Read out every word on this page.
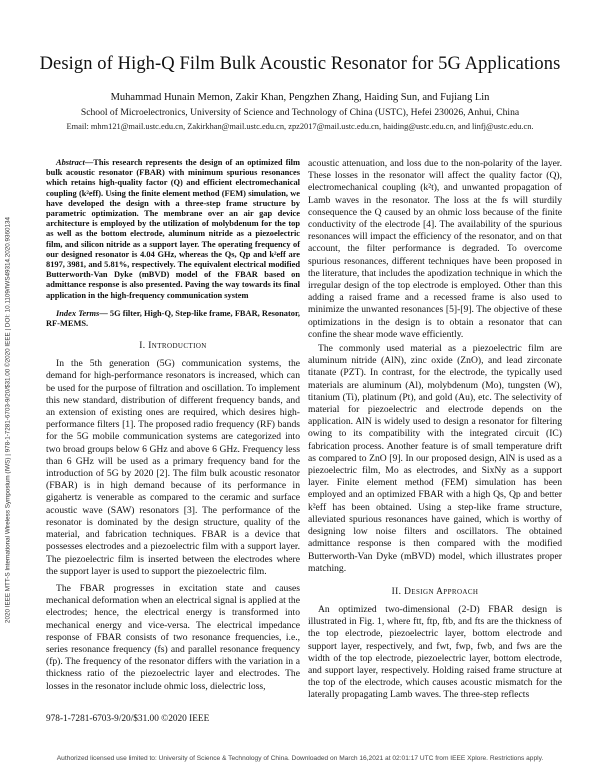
Design of High-Q Film Bulk Acoustic Resonator for 5G Applications
Muhammad Hunain Memon, Zakir Khan, Pengzhen Zhang, Haiding Sun, and Fujiang Lin
School of Microelectronics, University of Science and Technology of China (USTC), Hefei 230026, Anhui, China
Email: mhm121@mail.ustc.edu.cn, Zakirkhan@mail.ustc.edu.cn, zpz2017@mail.ustc.edu.cn, haiding@ustc.edu.cn, and linfj@ustc.edu.cn.
2020 IEEE MTT-S International Wireless Symposium (IWS) | 978-1-7281-6703-9/20/$31.00 ©2020 IEEE | DOI: 10.1109/IWS49314.2020.9360134

Abstract—This research represents the design of an optimized film bulk acoustic resonator (FBAR) with minimum spurious resonances which retains high-quality factor (Q) and efficient electromechanical coupling (k²eff). Using the finite element method (FEM) simulation, we have developed the design with a three-step frame structure by parametric optimization. The membrane over an air gap device architecture is employed by the utilization of molybdenum for the top as well as the bottom electrode, aluminum nitride as a piezoelectric film, and silicon nitride as a support layer. The operating frequency of our designed resonator is 4.04 GHz, whereas the Qs, Qp and k²eff are 8197, 3981, and 5.81%, respectively. The equivalent electrical modified Butterworth-Van Dyke (mBVD) model of the FBAR based on admittance response is also presented. Paving the way towards its final application in the high-frequency communication system

Index Terms— 5G filter, High-Q, Step-like frame, FBAR, Resonator, RF-MEMS.

I. Introduction

In the 5th generation (5G) communication systems, the demand for high-performance resonators is increased, which can be used for the purpose of filtration and oscillation. To implement this new standard, distribution of different frequency bands, and an extension of existing ones are required, which desires high-performance filters [1]. The proposed radio frequency (RF) bands for the 5G mobile communication systems are categorized into two broad groups below 6 GHz and above 6 GHz. Frequency less than 6 GHz will be used as a primary frequency band for the introduction of 5G by 2020 [2]. The film bulk acoustic resonator (FBAR) is in high demand because of its performance in gigahertz is venerable as compared to the ceramic and surface acoustic wave (SAW) resonators [3]. The performance of the resonator is dominated by the design structure, quality of the material, and fabrication techniques. FBAR is a device that possesses electrodes and a piezoelectric film with a support layer. The piezoelectric film is inserted between the electrodes where the support layer is used to support the piezoelectric film.

The FBAR progresses in excitation state and causes mechanical deformation when an electrical signal is applied at the electrodes; hence, the electrical energy is transformed into mechanical energy and vice-versa. The electrical impedance response of FBAR consists of two resonance frequencies, i.e., series resonance frequency (fs) and parallel resonance frequency (fp). The frequency of the resonator differs with the variation in a thickness ratio of the piezoelectric layer and electrodes. The losses in the resonator include ohmic loss, dielectric loss,

acoustic attenuation, and loss due to the non-polarity of the layer. These losses in the resonator will affect the quality factor (Q), electromechanical coupling (k²t), and unwanted propagation of Lamb waves in the resonator. The loss at the fs will sturdily consequence the Q caused by an ohmic loss because of the finite conductivity of the electrode [4]. The availability of the spurious resonances will impact the efficiency of the resonator, and on that account, the filter performance is degraded. To overcome spurious resonances, different techniques have been proposed in the literature, that includes the apodization technique in which the irregular design of the top electrode is employed. Other than this adding a raised frame and a recessed frame is also used to minimize the unwanted resonances [5]-[9]. The objective of these optimizations in the design is to obtain a resonator that can confine the shear mode wave efficiently.

The commonly used material as a piezoelectric film are aluminum nitride (AlN), zinc oxide (ZnO), and lead zirconate titanate (PZT). In contrast, for the electrode, the typically used materials are aluminum (Al), molybdenum (Mo), tungsten (W), titanium (Ti), platinum (Pt), and gold (Au), etc. The selectivity of material for piezoelectric and electrode depends on the application. AlN is widely used to design a resonator for filtering owing to its compatibility with the integrated circuit (IC) fabrication process. Another feature is of small temperature drift as compared to ZnO [9]. In our proposed design, AlN is used as a piezoelectric film, Mo as electrodes, and SixNy as a support layer. Finite element method (FEM) simulation has been employed and an optimized FBAR with a high Qs, Qp and better k²eff has been obtained. Using a step-like frame structure, alleviated spurious resonances have gained, which is worthy of designing low noise filters and oscillators. The obtained admittance response is then compared with the modified Butterworth-Van Dyke (mBVD) model, which illustrates proper matching.

II. Design Approach

An optimized two-dimensional (2-D) FBAR design is illustrated in Fig. 1, where ftt, ftp, ftb, and fts are the thickness of the top electrode, piezoelectric layer, bottom electrode and support layer, respectively, and fwt, fwp, fwb, and fws are the width of the top electrode, piezoelectric layer, bottom electrode, and support layer, respectively. Holding raised frame structure at the top of the electrode, which causes acoustic mismatch for the laterally propagating Lamb waves. The three-step reflects

978-1-7281-6703-9/20/$31.00 ©2020 IEEE
Authorized licensed use limited to: University of Science & Technology of China. Downloaded on March 16,2021 at 02:01:17 UTC from IEEE Xplore. Restrictions apply.
